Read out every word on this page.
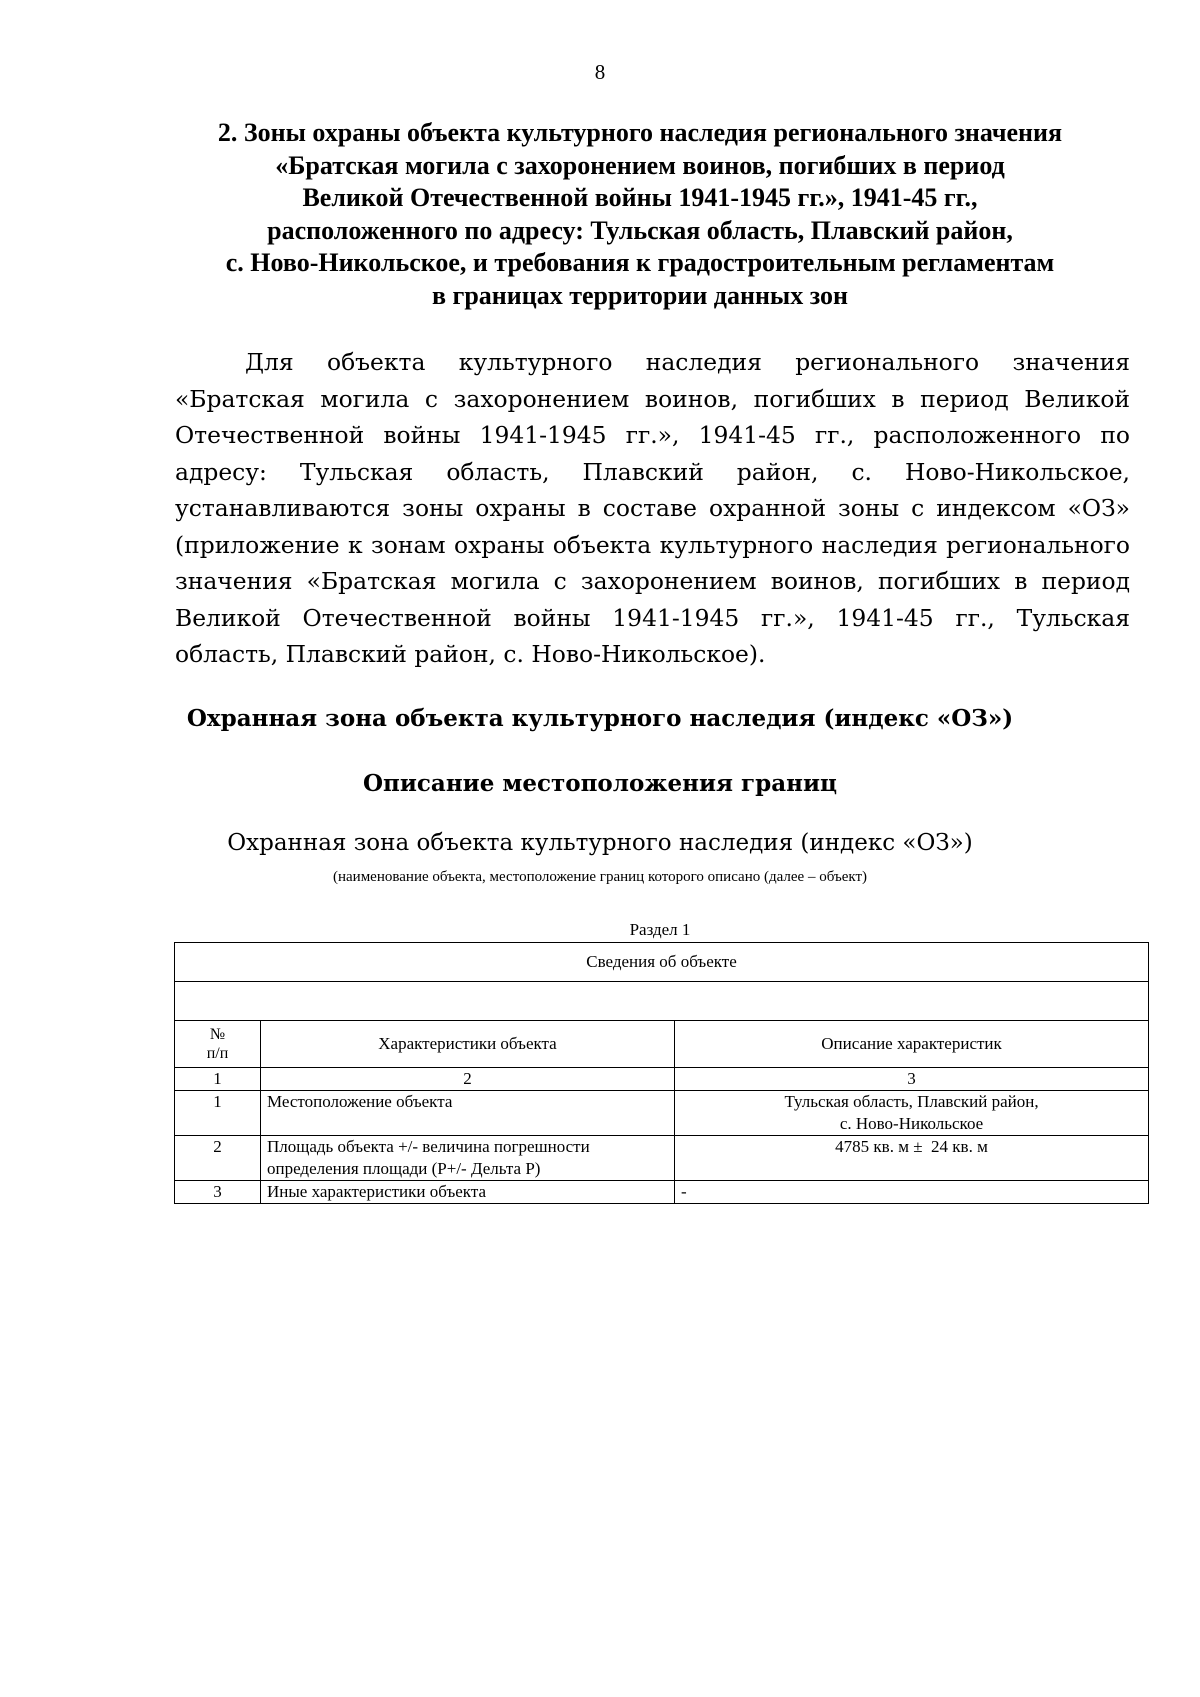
8
2. Зоны охраны объекта культурного наследия регионального значения
«Братская могила с захоронением воинов, погибших в период
Великой Отечественной войны 1941-1945 гг.», 1941-45 гг.,
расположенного по адресу: Тульская область, Плавский район,
с. Ново-Никольское, и требования к градостроительным регламентам
в границах территории данных зон
Для объекта культурного наследия регионального значения «Братская могила с захоронением воинов, погибших в период Великой Отечественной войны 1941-1945 гг.», 1941-45 гг., расположенного по адресу: Тульская область, Плавский район, с. Ново-Никольское, устанавливаются зоны охраны в составе охранной зоны с индексом «ОЗ» (приложение к зонам охраны объекта культурного наследия регионального значения «Братская могила с захоронением воинов, погибших в период Великой Отечественной войны 1941-1945 гг.», 1941-45 гг., Тульская область, Плавский район, с. Ново-Никольское).
Охранная зона объекта культурного наследия (индекс «ОЗ»)
Описание местоположения границ
Охранная зона объекта культурного наследия (индекс «ОЗ»)
(наименование объекта, местоположение границ которого описано (далее – объект)
Раздел 1
Сведения об объекте		

№
п/п	Характеристики объекта	Описание характеристик
1	2	3
1	Местоположение объекта	Тульская область, Плавский район,
с. Ново-Никольское

2	Площадь объекта +/- величина погрешности
определения площади (Р+/- Дельта Р)	4785 кв. м ±  24 кв. м
3	Иные характеристики объекта	-
